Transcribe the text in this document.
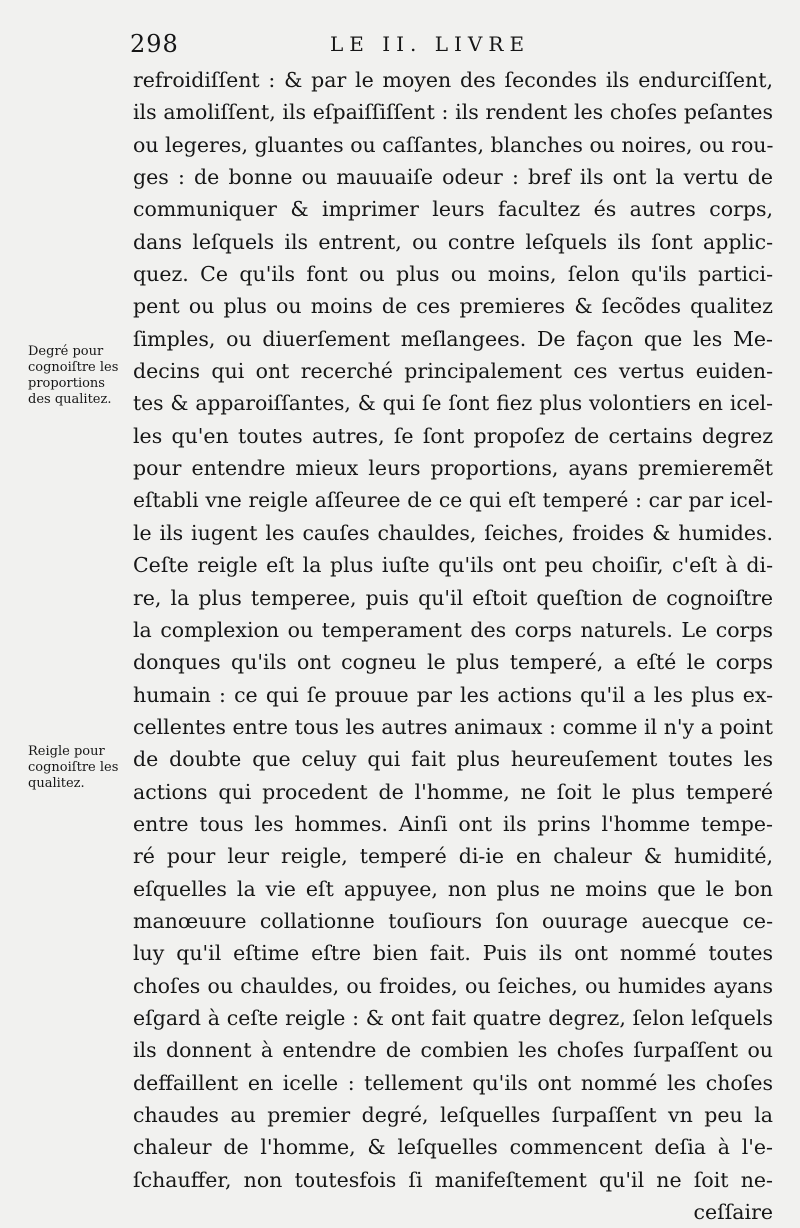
298	LE II. LIVRE
Degré pour
cognoiſtre les
proportions
des qualitez.
Reigle pour
cognoiſtre les
qualitez.
refroidiſſent : & par le moyen des ſecondes ils endurciſſent,
ils amoliſſent, ils eſpaiſſiſſent : ils rendent les choſes peſantes
ou legeres, gluantes ou caſſantes, blanches ou noires, ou rou-
ges : de bonne ou mauuaiſe odeur : bref ils ont la vertu de
communiquer & imprimer leurs facultez és autres corps,
dans leſquels ils entrent, ou contre leſquels ils ſont applic-
quez. Ce qu'ils font ou plus ou moins, ſelon qu'ils partici-
pent ou plus ou moins de ces premieres & ſecõdes qualitez
ſimples, ou diuerſement meſlangees. De façon que les Me-
decins qui ont recerché principalement ces vertus euiden-
tes & apparoiſſantes, & qui ſe ſont fiez plus volontiers en icel-
les qu'en toutes autres, ſe ſont propoſez de certains degrez
pour entendre mieux leurs proportions, ayans premieremẽt
eſtabli vne reigle aſſeuree de ce qui eſt temperé : car par icel-
le ils iugent les cauſes chauldes, ſeiches, froides & humides.
Ceſte reigle eſt la plus iuſte qu'ils ont peu choiſir, c'eſt à di-
re, la plus temperee, puis qu'il eſtoit queſtion de cognoiſtre
la complexion ou temperament des corps naturels. Le corps
donques qu'ils ont cogneu le plus temperé, a eſté le corps
humain : ce qui ſe prouue par les actions qu'il a les plus ex-
cellentes entre tous les autres animaux : comme il n'y a point
de doubte que celuy qui fait plus heureuſement toutes les
actions qui procedent de l'homme, ne ſoit le plus temperé
entre tous les hommes. Ainſi ont ils prins l'homme tempe-
ré pour leur reigle, temperé di-ie en chaleur & humidité,
eſquelles la vie eſt appuyee, non plus ne moins que le bon
manœuure collationne touſiours ſon ouurage auecque ce-
luy qu'il eſtime eſtre bien fait. Puis ils ont nommé toutes
choſes ou chauldes, ou froides, ou ſeiches, ou humides ayans
eſgard à ceſte reigle : & ont fait quatre degrez, ſelon leſquels
ils donnent à entendre de combien les choſes ſurpaſſent ou
deffaillent en icelle : tellement qu'ils ont nommé les choſes
chaudes au premier degré, leſquelles ſurpaſſent vn peu la
chaleur de l'homme, & leſquelles commencent deſia à l'e-
ſchauffer, non toutesfois ſi manifeſtement qu'il ne ſoit ne-
ceſſaire
